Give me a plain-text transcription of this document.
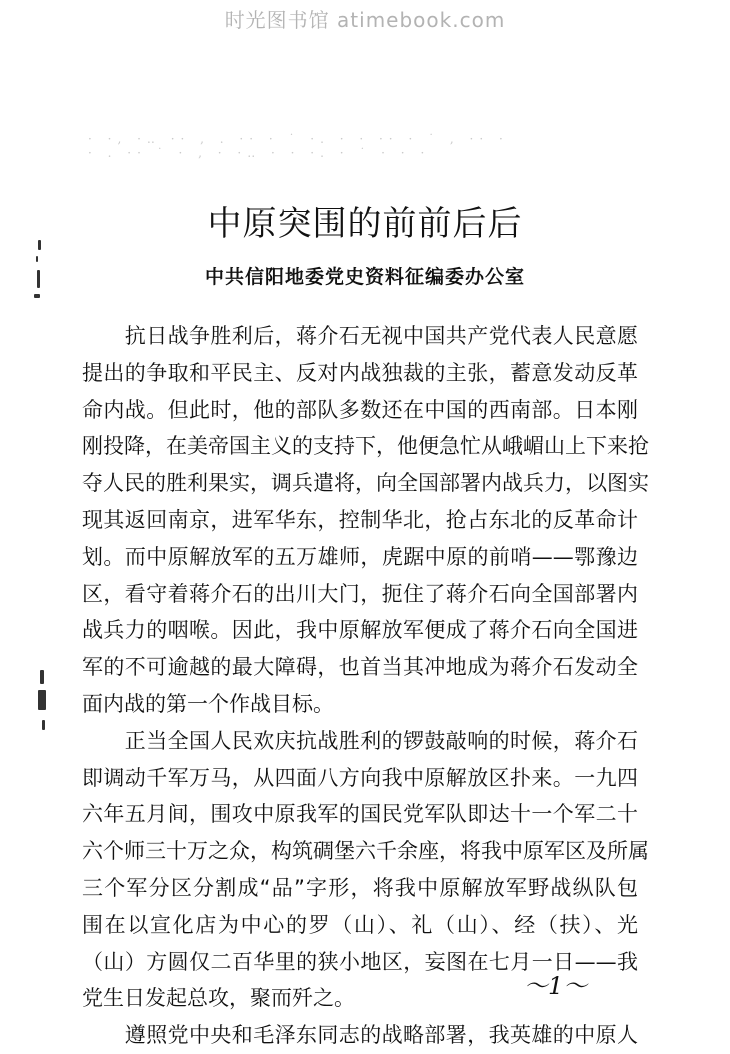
时光图书馆 atimebook.com
· ·, ·‥ ·· , . ·· · ˙ ·. · · ·· · ˙ , ·· ·
· . ·· ˙ · , · ·‥ · · ·. · ˙ · · ·
中原突围的前前后后
中共信阳地委党史资料征编委办公室

　　抗日战争胜利后，蒋介石无视中国共产党代表人民意愿
提出的争取和平民主、反对内战独裁的主张，蓄意发动反革
命内战。但此时，他的部队多数还在中国的西南部。日本刚
刚投降，在美帝国主义的支持下，他便急忙从峨嵋山上下来抢
夺人民的胜利果实，调兵遣将，向全国部署内战兵力，以图实
现其返回南京，进军华东，控制华北，抢占东北的反革命计
划。而中原解放军的五万雄师，虎踞中原的前哨——鄂豫边
区，看守着蒋介石的出川大门，扼住了蒋介石向全国部署内
战兵力的咽喉。因此，我中原解放军便成了蒋介石向全国进
军的不可逾越的最大障碍，也首当其冲地成为蒋介石发动全
面内战的第一个作战目标。

　　正当全国人民欢庆抗战胜利的锣鼓敲响的时候，蒋介石
即调动千军万马，从四面八方向我中原解放区扑来。一九四
六年五月间，围攻中原我军的国民党军队即达十一个军二十
六个师三十万之众，构筑碉堡六千余座，将我中原军区及所属
三个军分区分割成“品”字形，将我中原解放军野战纵队包
围在以宣化店为中心的罗（山）、礼（山）、经（扶）、光
（山）方圆仅二百华里的狭小地区，妄图在七月一日——我
党生日发起总攻，聚而歼之。

　　遵照党中央和毛泽东同志的战略部署，我英雄的中原人

～1～
